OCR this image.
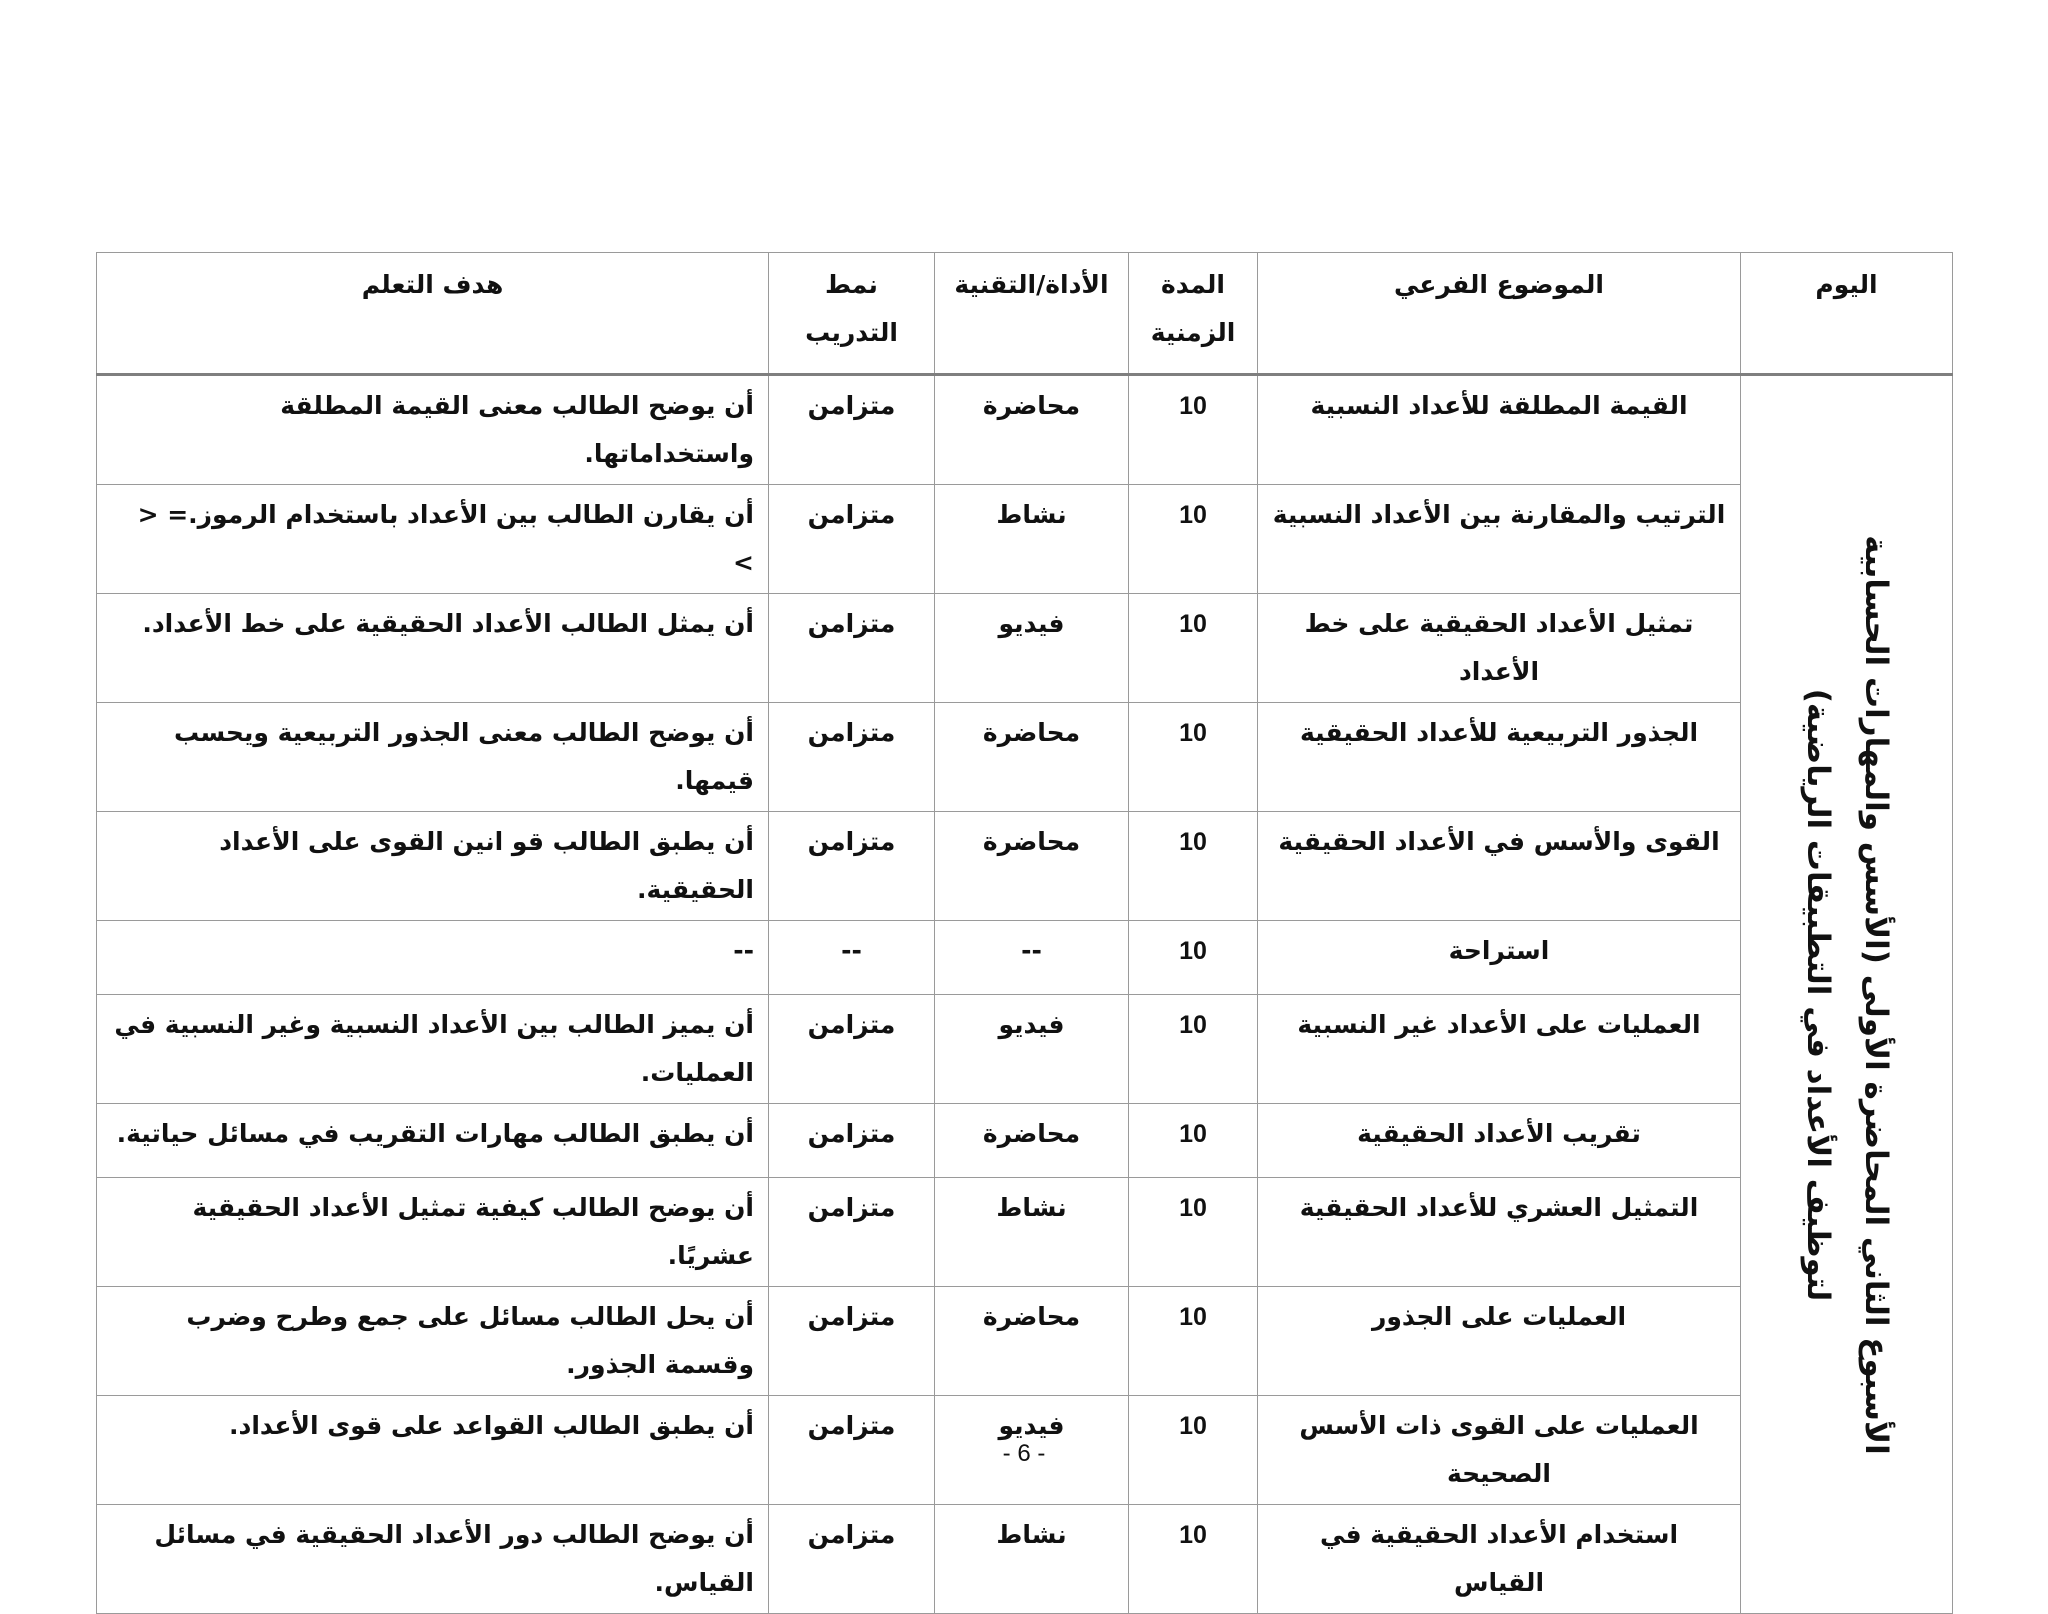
اليوم	الموضوع الفرعي	المدة الزمنية	الأداة/التقنية	نمط التدريب	هدف التعلم

الأسبوع الثاني المحاضرة الأولى (الأسس والمهارات الحسابية لتوظيف الأعداد في التطبيقات الرياضية)	القيمة المطلقة للأعداد النسبية	10	محاضرة	متزامن	أن يوضح الطالب معنى القيمة المطلقة واستخداماتها.
	الترتيب والمقارنة بين الأعداد النسبية	10	نشاط	متزامن	أن يقارن الطالب بين الأعداد باستخدام الرموز.= < >
	تمثيل الأعداد الحقيقية على خط الأعداد	10	فيديو	متزامن	أن يمثل الطالب الأعداد الحقيقية على خط الأعداد.
	الجذور التربيعية للأعداد الحقيقية	10	محاضرة	متزامن	أن يوضح الطالب معنى الجذور التربيعية ويحسب قيمها.
	القوى والأسس في الأعداد الحقيقية	10	محاضرة	متزامن	أن يطبق الطالب قو انين القوى على الأعداد الحقيقية.
	استراحة	10	--	--	--
	العمليات على الأعداد غير النسبية	10	فيديو	متزامن	أن يميز الطالب بين الأعداد النسبية وغير النسبية في العمليات.
	تقريب الأعداد الحقيقية	10	محاضرة	متزامن	أن يطبق الطالب مهارات التقريب في مسائل حياتية.
	التمثيل العشري للأعداد الحقيقية	10	نشاط	متزامن	أن يوضح الطالب كيفية تمثيل الأعداد الحقيقية عشريًا.
	العمليات على الجذور	10	محاضرة	متزامن	أن يحل الطالب مسائل على جمع وطرح وضرب وقسمة الجذور.
	العمليات على القوى ذات الأسس الصحيحة	10	فيديو	متزامن	أن يطبق الطالب القواعد على قوى الأعداد.
	استخدام الأعداد الحقيقية في القياس	10	نشاط	متزامن	أن يوضح الطالب دور الأعداد الحقيقية في مسائل القياس.
- 6 -
